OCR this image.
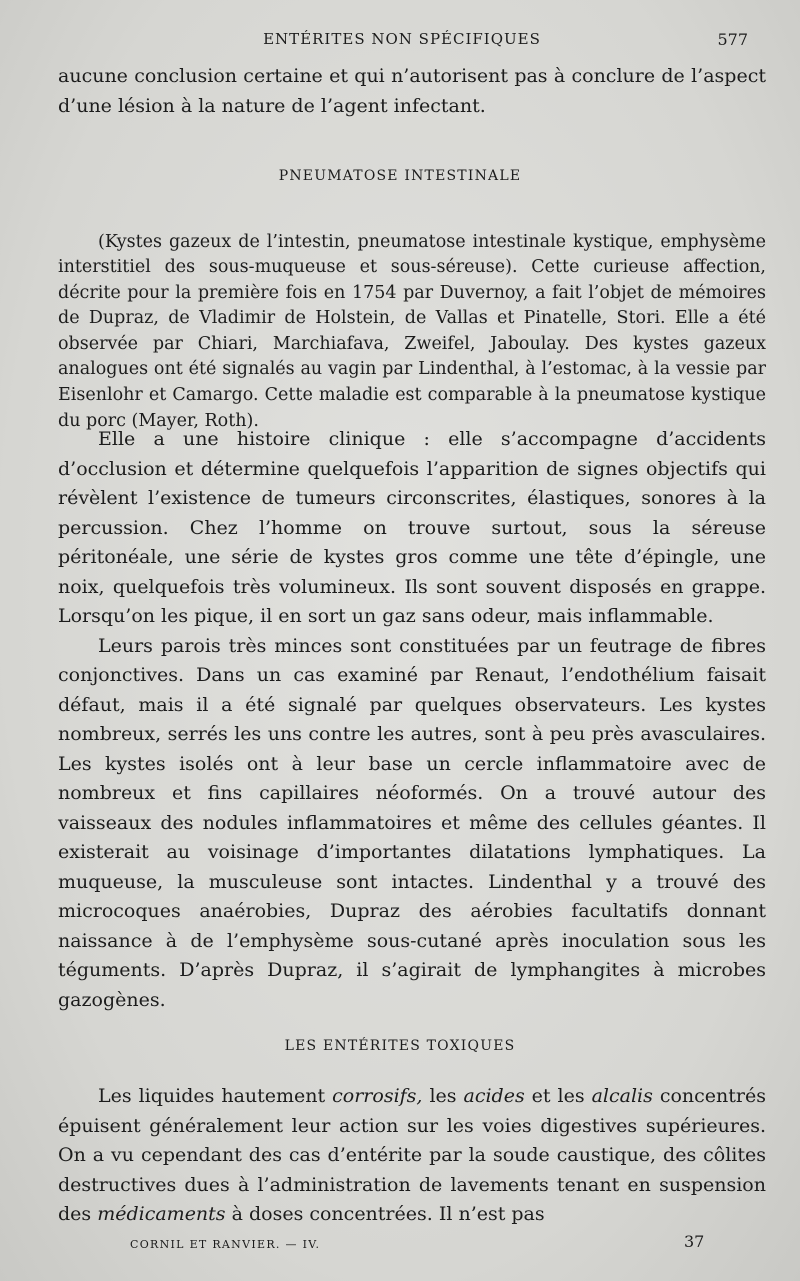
ENTÉRITES NON SPÉCIFIQUES	577

aucune conclusion certaine et qui n’autorisent pas à conclure de l’aspect d’une lésion à la nature de l’agent infectant.

PNEUMATOSE INTESTINALE

(Kystes gazeux de l’intestin, pneumatose intestinale kystique, emphysème interstitiel des sous-muqueuse et sous-séreuse). Cette curieuse affection, décrite pour la première fois en 1754 par Duvernoy, a fait l’objet de mémoires de Dupraz, de Vladimir de Holstein, de Vallas et Pinatelle, Stori. Elle a été observée par Chiari, Marchiafava, Zweifel, Jaboulay. Des kystes gazeux analogues ont été signalés au vagin par Lindenthal, à l’estomac, à la vessie par Eisenlohr et Camargo. Cette maladie est comparable à la pneumatose kystique du porc (Mayer, Roth).

Elle a une histoire clinique : elle s’accompagne d’accidents d’occlusion et détermine quelquefois l’apparition de signes objectifs qui révèlent l’existence de tumeurs circonscrites, élastiques, sonores à la percussion. Chez l’homme on trouve surtout, sous la séreuse péritonéale, une série de kystes gros comme une tête d’épingle, une noix, quelquefois très volumineux. Ils sont souvent disposés en grappe. Lorsqu’on les pique, il en sort un gaz sans odeur, mais inflammable.

Leurs parois très minces sont constituées par un feutrage de fibres conjonctives. Dans un cas examiné par Renaut, l’endothélium faisait défaut, mais il a été signalé par quelques observateurs. Les kystes nombreux, serrés les uns contre les autres, sont à peu près avasculaires. Les kystes isolés ont à leur base un cercle inflammatoire avec de nombreux et fins capillaires néoformés. On a trouvé autour des vaisseaux des nodules inflammatoires et même des cellules géantes. Il existerait au voisinage d’importantes dilatations lymphatiques. La muqueuse, la musculeuse sont intactes. Lindenthal y a trouvé des microcoques anaérobies, Dupraz des aérobies facultatifs donnant naissance à de l’emphysème sous-cutané après inoculation sous les téguments. D’après Dupraz, il s’agirait de lymphangites à microbes gazogènes.

LES ENTÉRITES TOXIQUES

Les liquides hautement corrosifs, les acides et les alcalis concentrés épuisent généralement leur action sur les voies digestives supérieures. On a vu cependant des cas d’entérite par la soude caustique, des côlites destructives dues à l’administration de lavements tenant en suspension des médicaments à doses concentrées. Il n’est pas

CORNIL ET RANVIER. — IV.	37
